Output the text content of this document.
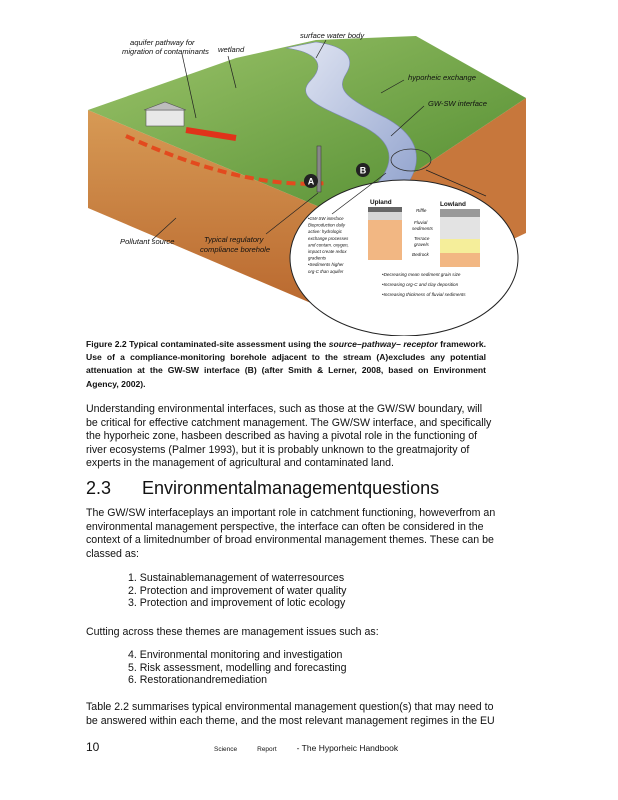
A
B
surface water body
aquifer pathway for
migration of contaminants wetland
hyporheic exchange
GW-SW interface
Pollutant source	Typical regulatory
compliance borehole
Upland	Lowland
Riffle
Fluvial
sediments
Terrace
gravels
Bedrock
•GW-SW interface
Bioproduction daily
active: hydrologic
exchange processes
and contam. oxygen,
impact create redox
gradients
•Sediments higher
org-C than aquifer
•Decreasing mean sediment grain size
•Increasing org-C and clay deposition
•Increasing thickness of fluvial sediments
Figure 2.2 Typical contaminated-site assessment using the source–pathway– receptor framework. Use of a compliance-monitoring borehole adjacent to the stream (A)excludes any potential attenuation at the GW-SW interface (B) (after Smith & Lerner, 2008, based on Environment Agency, 2002).

Understanding environmental interfaces, such as those at the GW/SW boundary, will be critical for effective catchment management. The GW/SW interface, and specifically the hyporheic zone, hasbeen described as having a pivotal role in the functioning of river ecosystems (Palmer 1993), but it is probably unknown to the greatmajority of experts in the management of agricultural and contaminated land.

2.3 Environmentalmanagementquestions

The GW/SW interfaceplays an important role in catchment functioning, howeverfrom an environmental management perspective, the interface can often be considered in the context of a limitednumber of broad environmental management themes. These can be classed as:

1. Sustainablemanagement of waterresources
2. Protection and improvement of water quality
3. Protection and improvement of lotic ecology

Cutting across these themes are management issues such as:

4. Environmental monitoring and investigation
5. Risk assessment, modelling and forecasting
6. Restorationandremediation

Table 2.2 summarises typical environmental management question(s) that may need to be answered within each theme, and the most relevant management regimes in the EU

10	Science	Report - The Hyporheic Handbook
